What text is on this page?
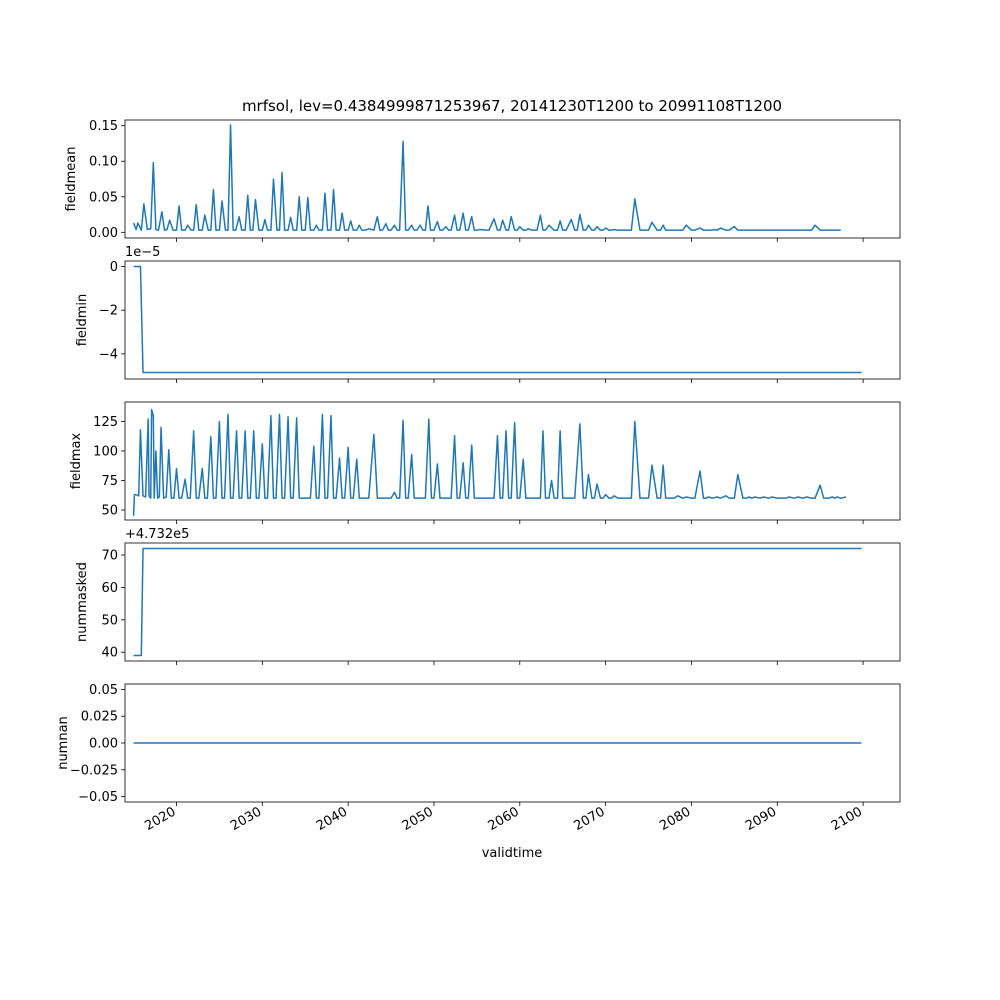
mrfsol, lev=0.4384999871253967, 20141230T1200 to 20991108T1200
0.00
0.05
0.10
0.15
fieldmean
0
−2
−4
1e−5
fieldmin
50
75
100
125
fieldmax
40
50
60
70
+4.732e5
nummasked
−0.05
−0.025
0.00
0.025
0.05
2020	2030	2040	2050	2060	2070	2080	2090	2100
numnan
validtime
